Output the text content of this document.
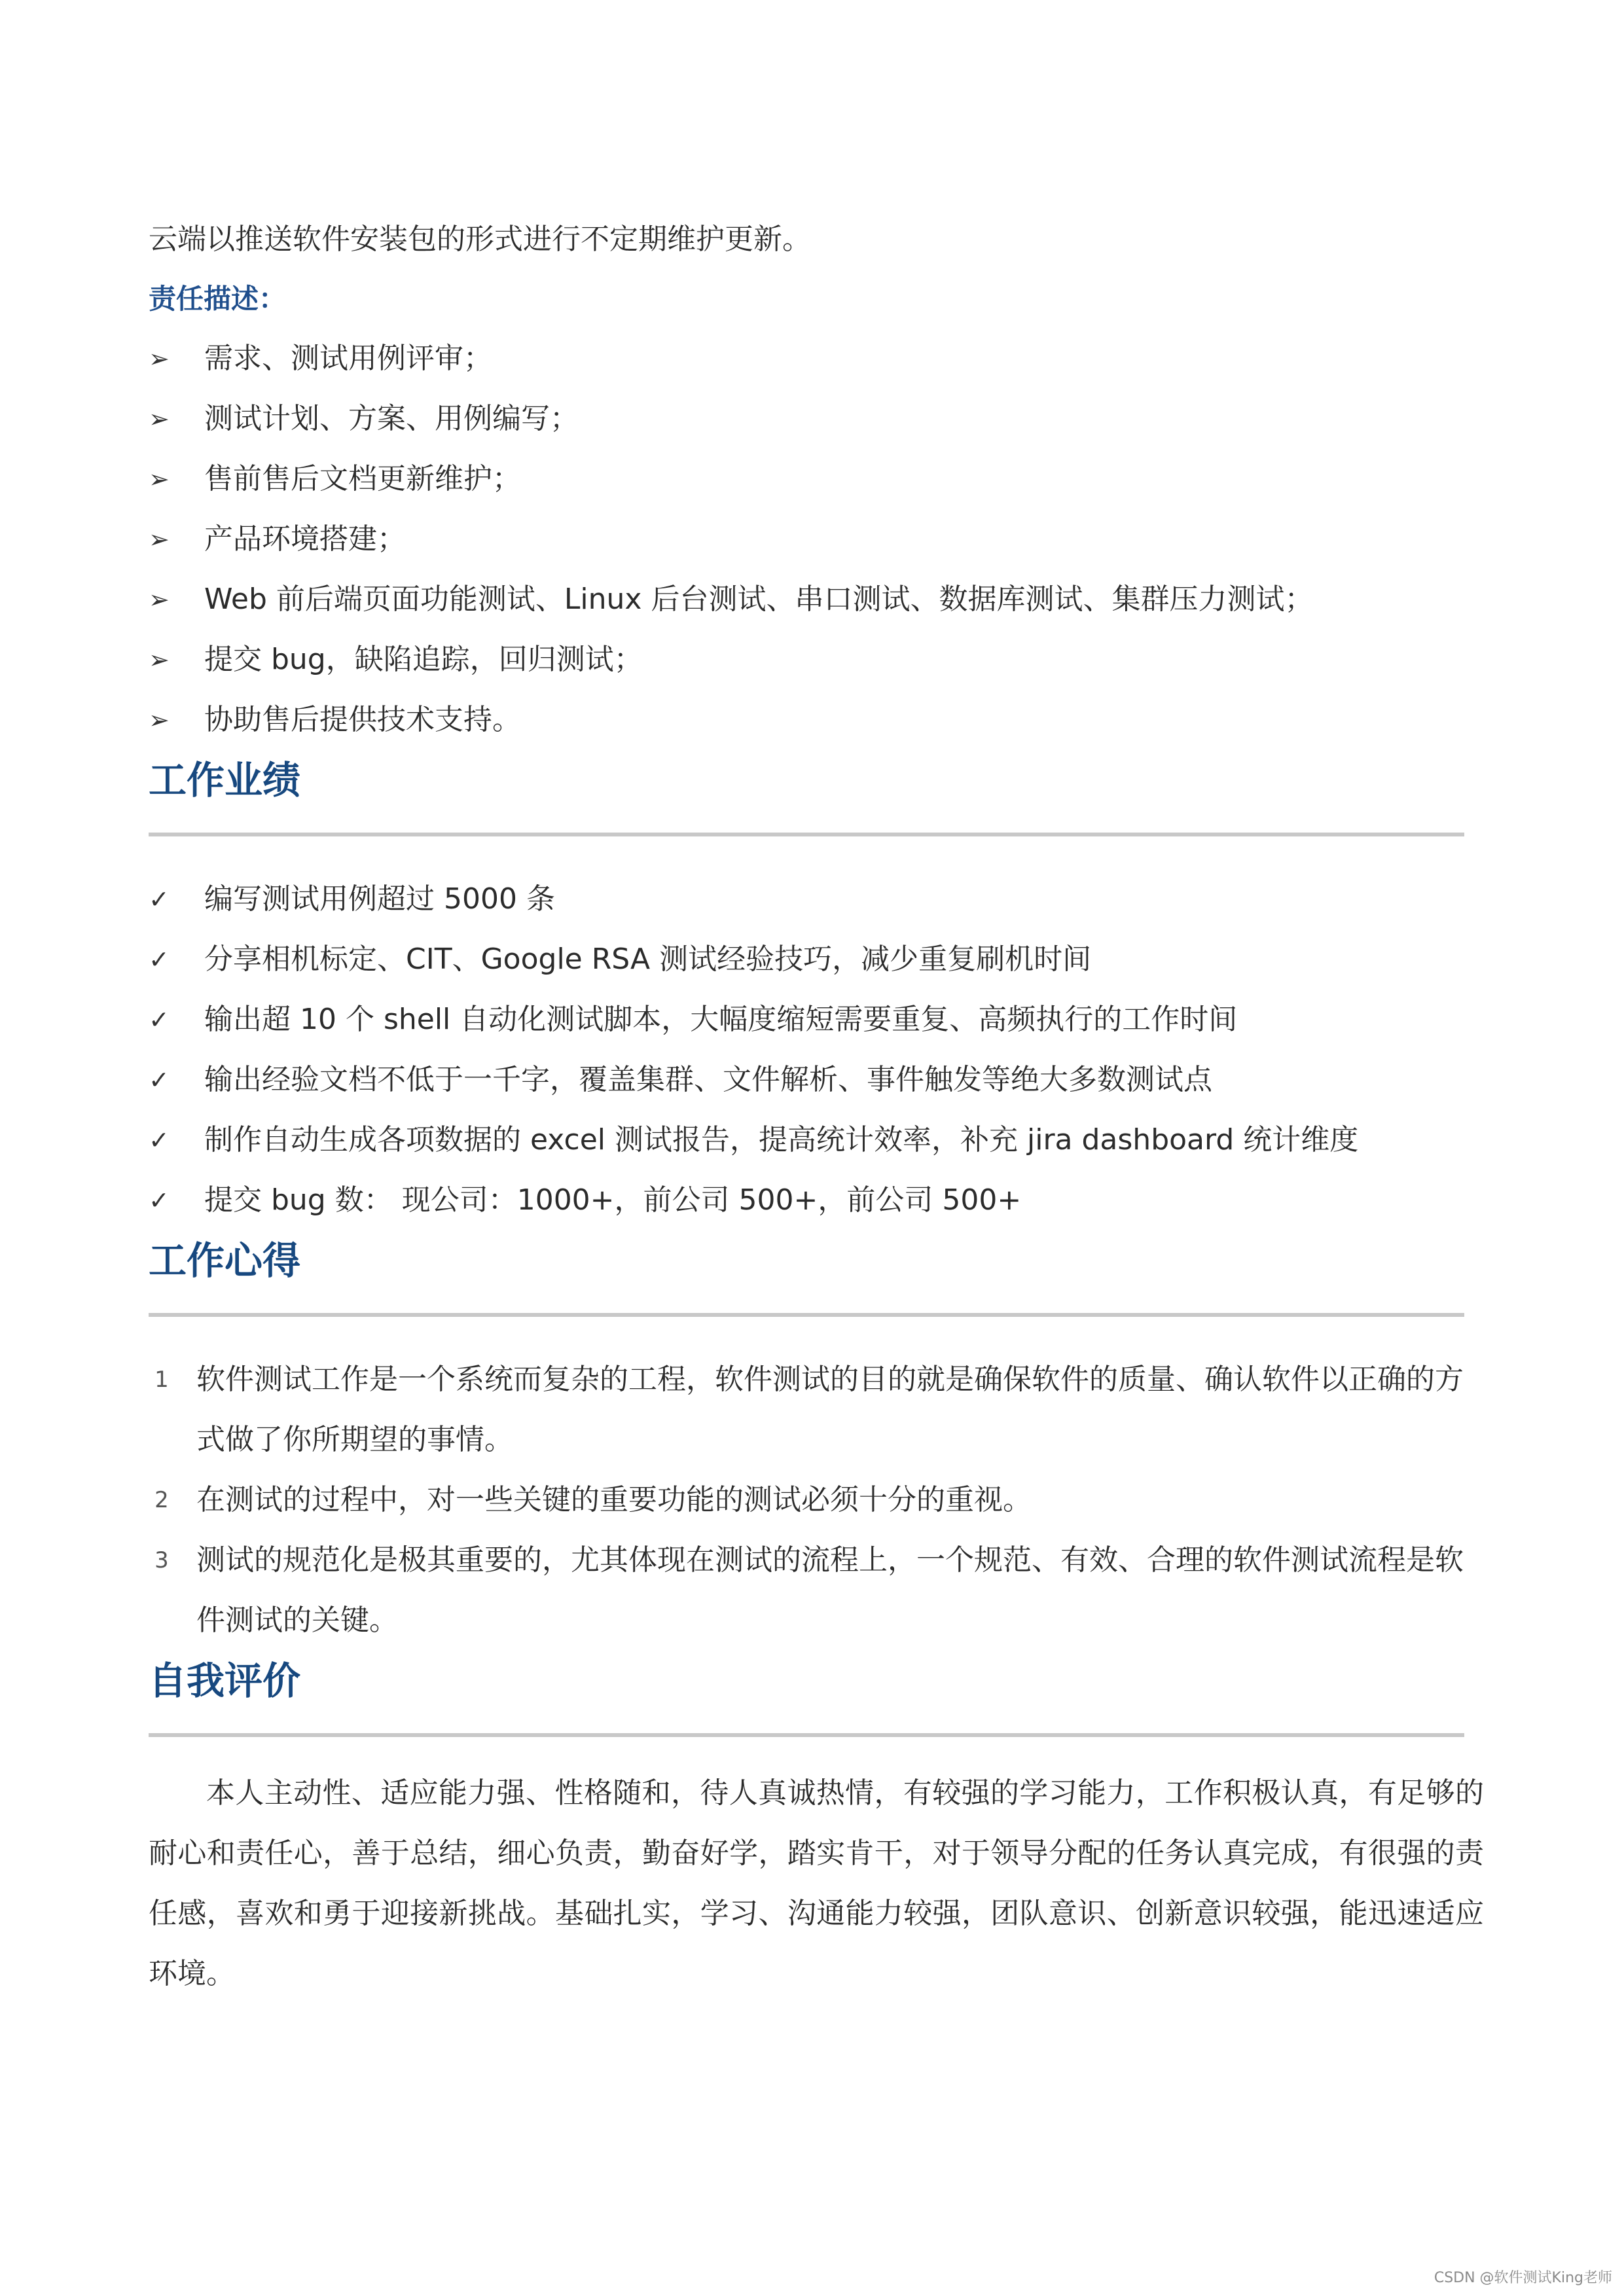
云端以推送软件安装包的形式进行不定期维护更新。
责任描述：
➢	需求、测试用例评审；
➢	测试计划、方案、用例编写；
➢	售前售后文档更新维护；
➢	产品环境搭建；
➢	Web 前后端页面功能测试、Linux 后台测试、串口测试、数据库测试、集群压力测试；
➢	提交 bug，缺陷追踪，回归测试；
➢	协助售后提供技术支持。
工作业绩
✓	编写测试用例超过 5000 条
✓	分享相机标定、CIT、Google RSA 测试经验技巧，减少重复刷机时间
✓	输出超 10 个 shell 自动化测试脚本，大幅度缩短需要重复、高频执行的工作时间
✓	输出经验文档不低于一千字，覆盖集群、文件解析、事件触发等绝大多数测试点
✓	制作自动生成各项数据的 excel 测试报告，提高统计效率，补充 jira dashboard 统计维度
✓	提交 bug 数： 现公司：1000+，前公司 500+，前公司 500+
工作心得
1 软件测试工作是一个系统而复杂的工程，软件测试的目的就是确保软件的质量、确认软件以正确的方式做了你所期望的事情。
2 在测试的过程中，对一些关键的重要功能的测试必须十分的重视。
3 测试的规范化是极其重要的，尤其体现在测试的流程上，一个规范、有效、合理的软件测试流程是软件测试的关键。
自我评价

本人主动性、适应能力强、性格随和，待人真诚热情，有较强的学习能力，工作积极认真，有足够的耐心和责任心，善于总结，细心负责，勤奋好学，踏实肯干，对于领导分配的任务认真完成，有很强的责任感，喜欢和勇于迎接新挑战。基础扎实，学习、沟通能力较强，团队意识、创新意识较强，能迅速适应环境。

CSDN @软件测试King老师
